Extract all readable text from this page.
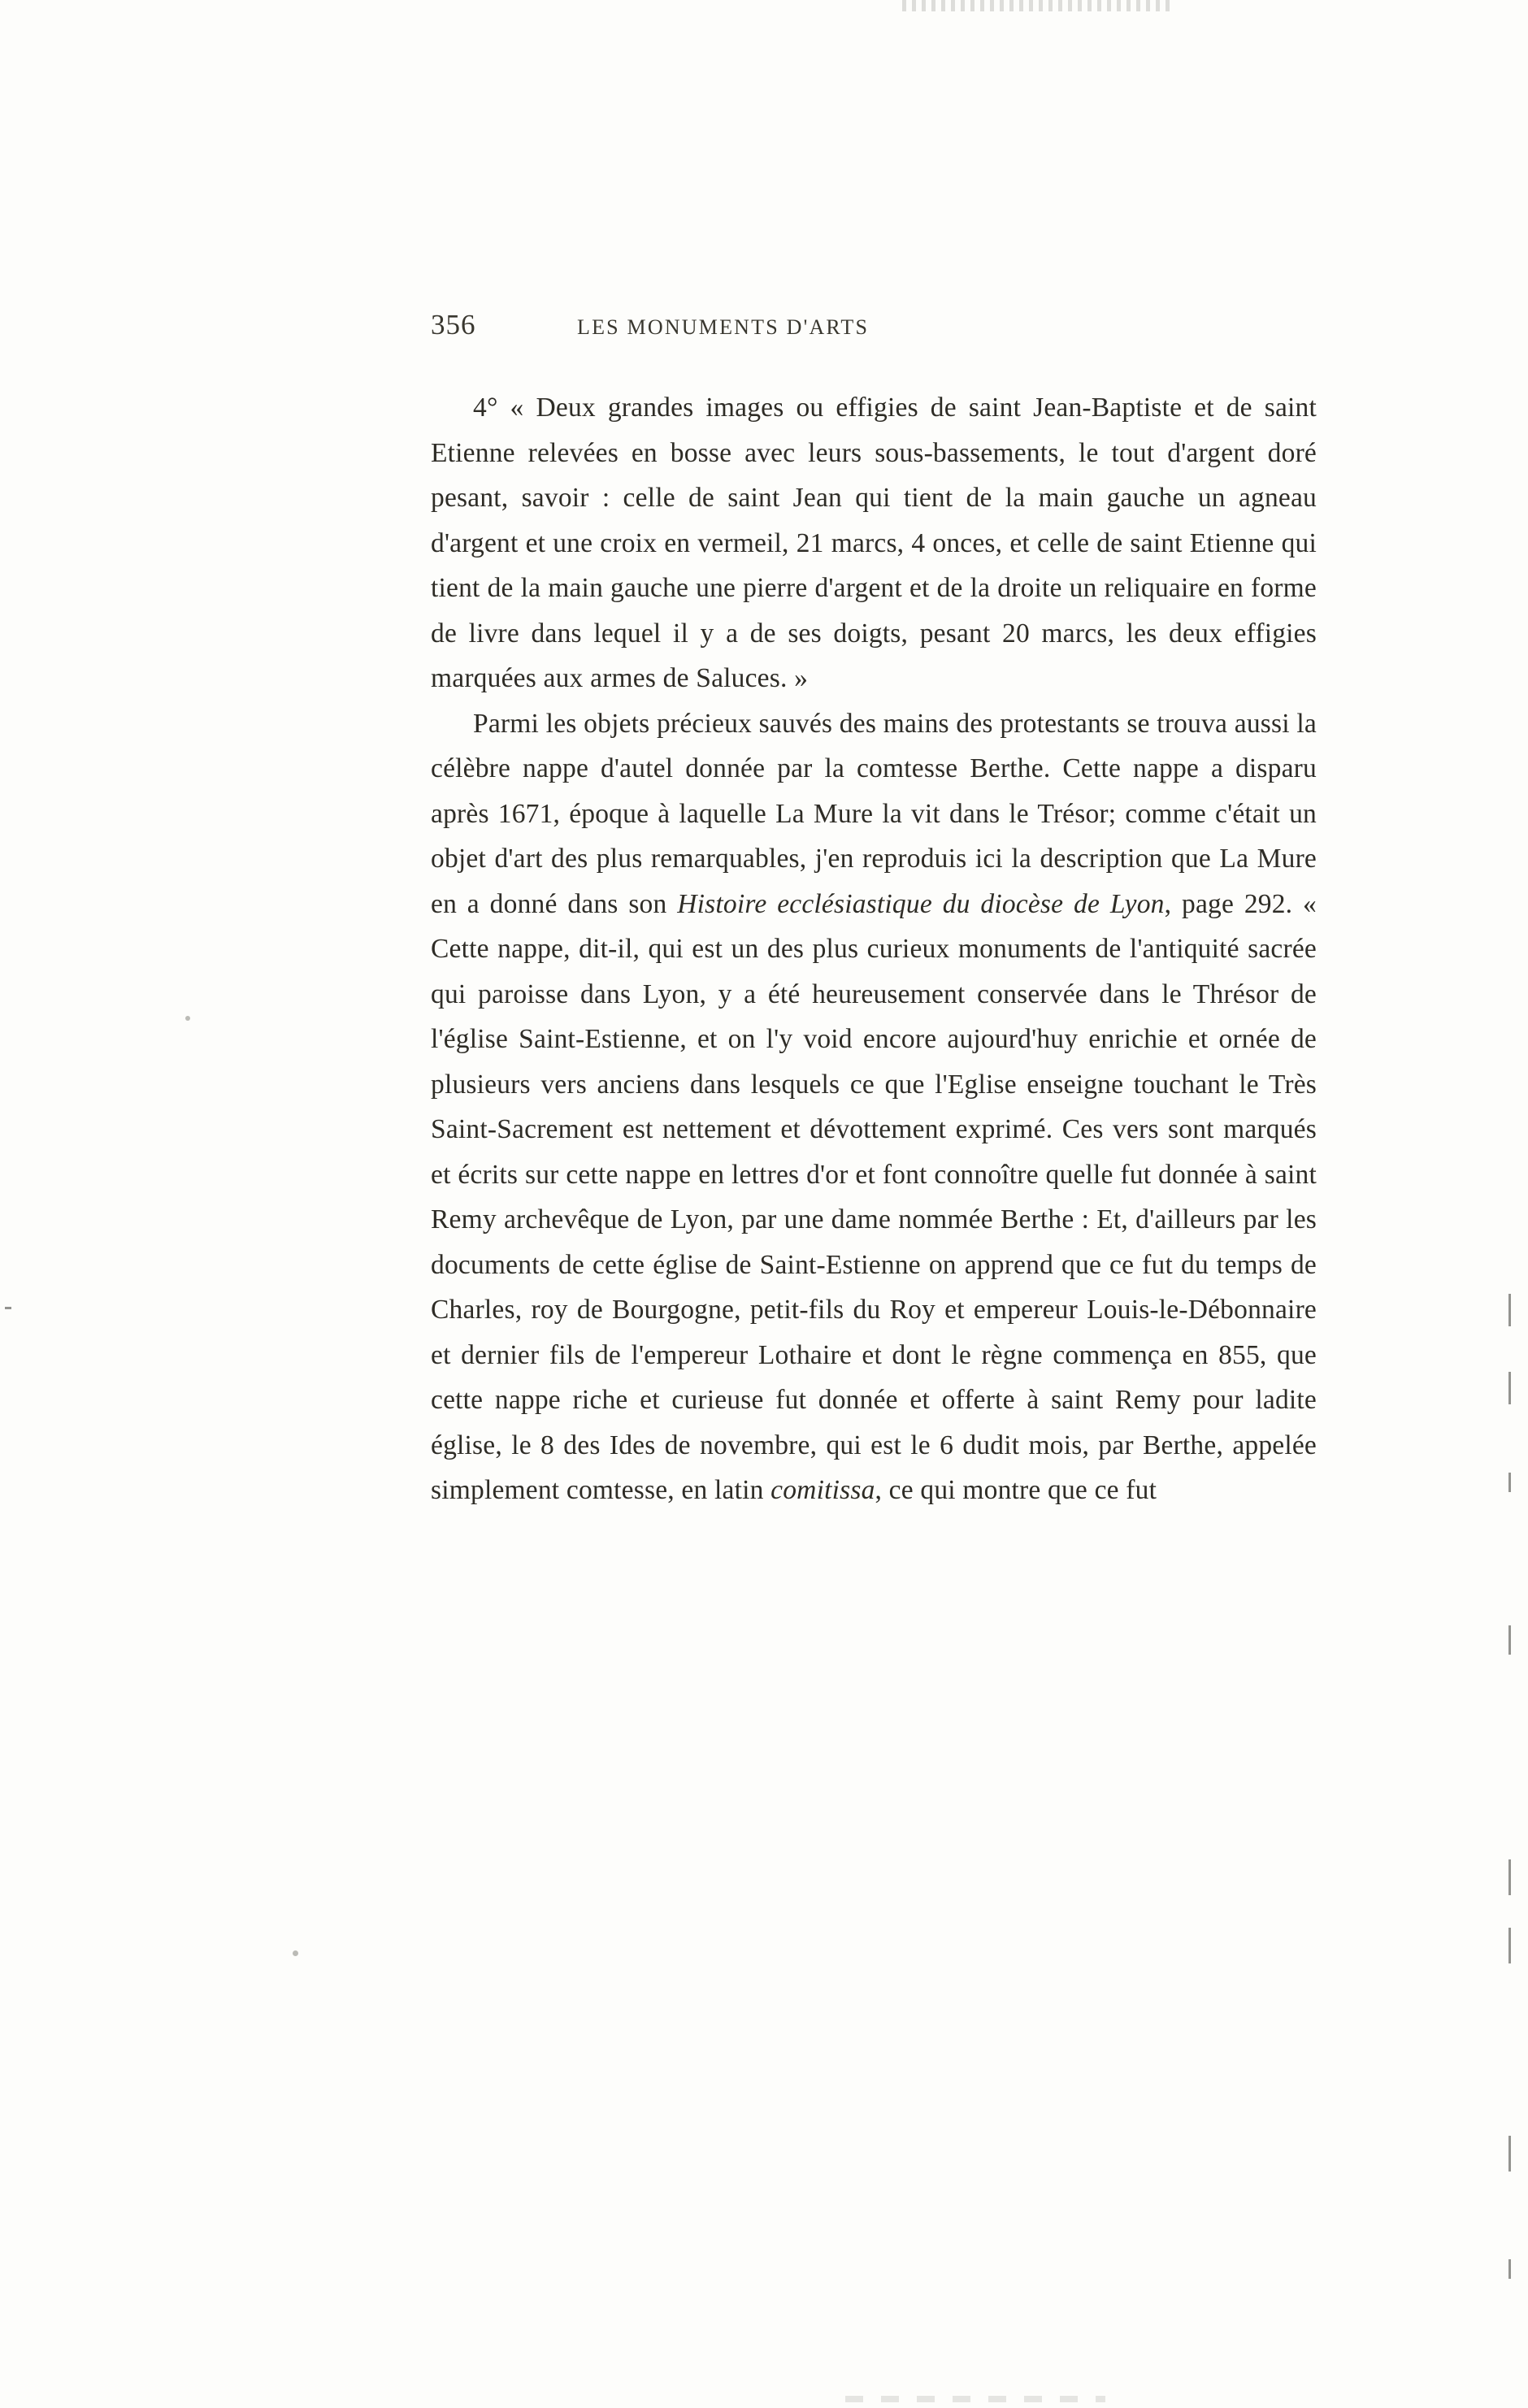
356	LES MONUMENTS D'ARTS

4° « Deux grandes images ou effigies de saint Jean-Baptiste et de saint Etienne relevées en bosse avec leurs sous-bassements, le tout d'argent doré pesant, savoir : celle de saint Jean qui tient de la main gauche un agneau d'argent et une croix en vermeil, 21 marcs, 4 onces, et celle de saint Etienne qui tient de la main gauche une pierre d'argent et de la droite un reliquaire en forme de livre dans lequel il y a de ses doigts, pesant 20 marcs, les deux effigies marquées aux armes de Saluces. »

Parmi les objets précieux sauvés des mains des protestants se trouva aussi la célèbre nappe d'autel donnée par la comtesse Berthe. Cette nappe a disparu après 1671, époque à laquelle La Mure la vit dans le Trésor; comme c'était un objet d'art des plus remarquables, j'en reproduis ici la description que La Mure en a donné dans son Histoire ecclésiastique du diocèse de Lyon, page 292. « Cette nappe, dit-il, qui est un des plus curieux monuments de l'antiquité sacrée qui paroisse dans Lyon, y a été heureusement conservée dans le Thrésor de l'église Saint-Estienne, et on l'y void encore aujourd'huy enrichie et ornée de plusieurs vers anciens dans lesquels ce que l'Eglise enseigne touchant le Très Saint-Sacrement est nettement et dévottement exprimé. Ces vers sont marqués et écrits sur cette nappe en lettres d'or et font connoître quelle fut donnée à saint Remy archevêque de Lyon, par une dame nommée Berthe : Et, d'ailleurs par les documents de cette église de Saint-Estienne on apprend que ce fut du temps de Charles, roy de Bourgogne, petit-fils du Roy et empereur Louis-le-Débonnaire et dernier fils de l'empereur Lothaire et dont le règne commença en 855, que cette nappe riche et curieuse fut donnée et offerte à saint Remy pour ladite église, le 8 des Ides de novembre, qui est le 6 dudit mois, par Berthe, appelée simplement comtesse, en latin comitissa, ce qui montre que ce fut
